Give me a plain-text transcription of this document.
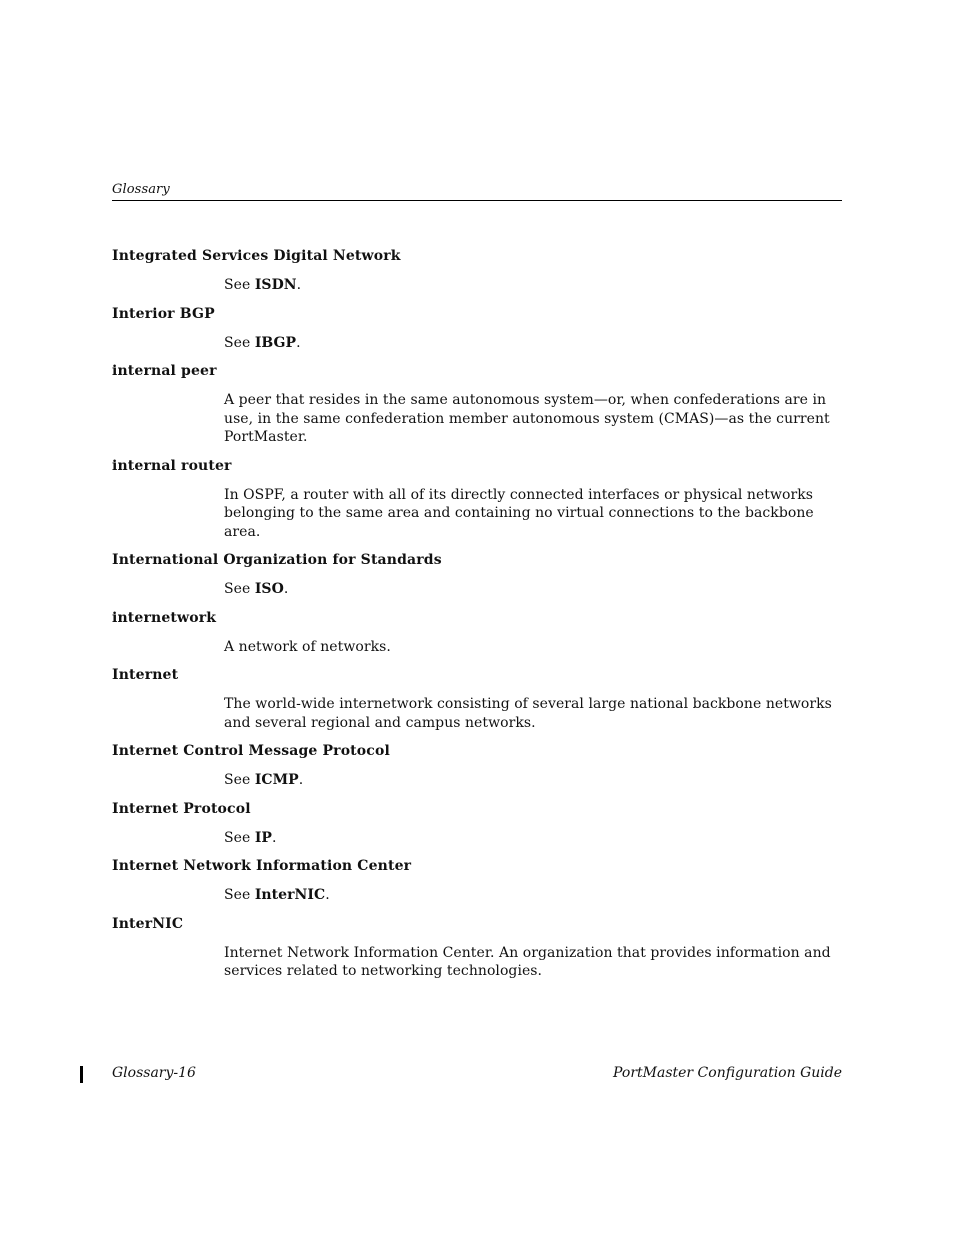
Glossary

Integrated Services Digital Network

See ISDN.

Interior BGP

See IBGP.

internal peer

A peer that resides in the same autonomous system—or, when confederations are in use, in the same confederation member autonomous system (CMAS)—as the current PortMaster.

internal router

In OSPF, a router with all of its directly connected interfaces or physical networks belonging to the same area and containing no virtual connections to the backbone area.

International Organization for Standards

See ISO.

internetwork

A network of networks.

Internet

The world-wide internetwork consisting of several large national backbone networks and several regional and campus networks.

Internet Control Message Protocol

See ICMP.

Internet Protocol

See IP.

Internet Network Information Center

See InterNIC.

InterNIC

Internet Network Information Center. An organization that provides information and services related to networking technologies.

Glossary-16	PortMaster Configuration Guide
